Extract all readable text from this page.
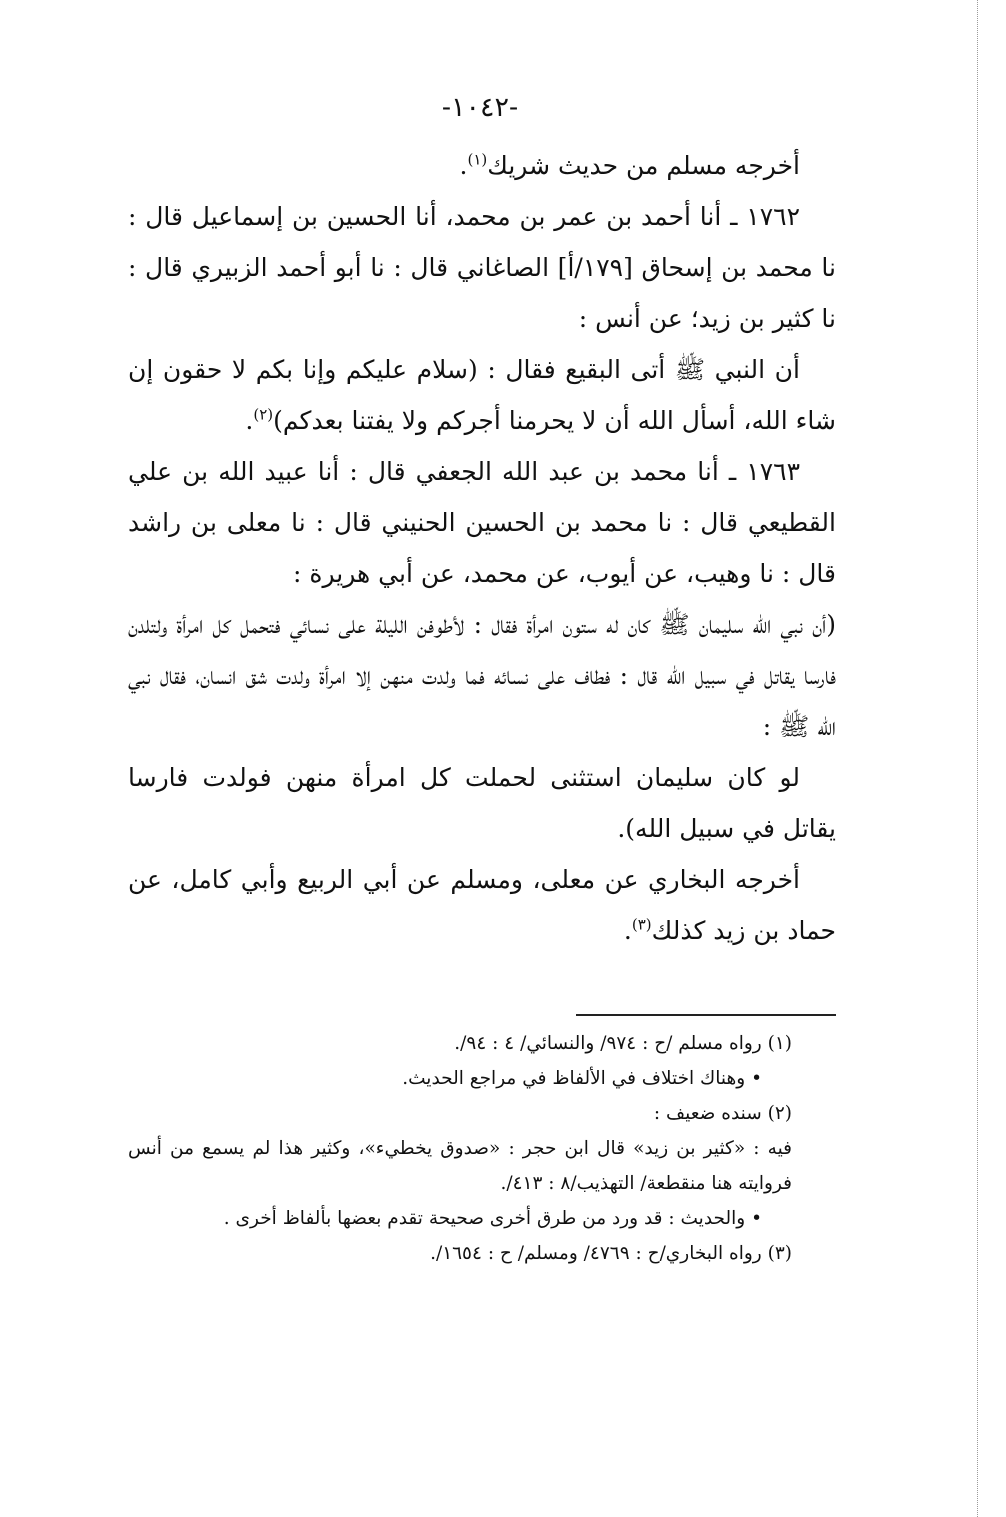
-١٠٤٢-

أخرجه مسلم من حديث شريك$^{(١)}$.

١٧٦٢ ـ أنا أحمد بن عمر بن محمد، أنا الحسين بن إسماعيل قال : نا محمد بن إسحاق [١٧٩/أ] الصاغاني قال : نا أبو أحمد الزبيري قال : نا كثير بن زيد؛ عن أنس :

أن النبي ﷺ أتى البقيع فقال : (سلام عليكم وإنا بكم لا حقون إن شاء الله، أسأل الله أن لا يحرمنا أجركم ولا يفتنا بعدكم)$^{(٢)}$.

١٧٦٣ ـ أنا محمد بن عبد الله الجعفي قال : أنا عبيد الله بن علي القطيعي قال : نا محمد بن الحسين الحنيني قال : نا معلى بن راشد قال : نا وهيب، عن أيوب، عن محمد، عن أبي هريرة :

(أن نبي الله سليمان ﷺ كان له ستون امرأة فقال : لأطوفن الليلة على نسائي فتحمل كل امرأة ولتلدن فارسا يقاتل في سبيل الله قال : فطاف على نسائه فما ولدت منهن إلا امرأة ولدت شق انسان، فقال نبي الله ﷺ :

لو كان سليمان استثنى لحملت كل امرأة منهن فولدت فارسا يقاتل في سبيل الله).

أخرجه البخاري عن معلى، ومسلم عن أبي الربيع وأبي كامل، عن حماد بن زيد كذلك$^{(٣)}$.

(١) رواه مسلم /ح : ٩٧٤/ والنسائي/ ٤ : ٩٤/.

• وهناك اختلاف في الألفاظ في مراجع الحديث.

(٢) سنده ضعيف :

فيه : «كثير بن زيد» قال ابن حجر : «صدوق يخطيء»، وكثير هذا لم يسمع من أنس فروايته هنا منقطعة/ التهذيب/٨ : ٤١٣/.

• والحديث : قد ورد من طرق أخرى صحيحة تقدم بعضها بألفاظ أخرى .

(٣) رواه البخاري/ح : ٤٧٦٩/ ومسلم/ ح : ١٦٥٤/.
